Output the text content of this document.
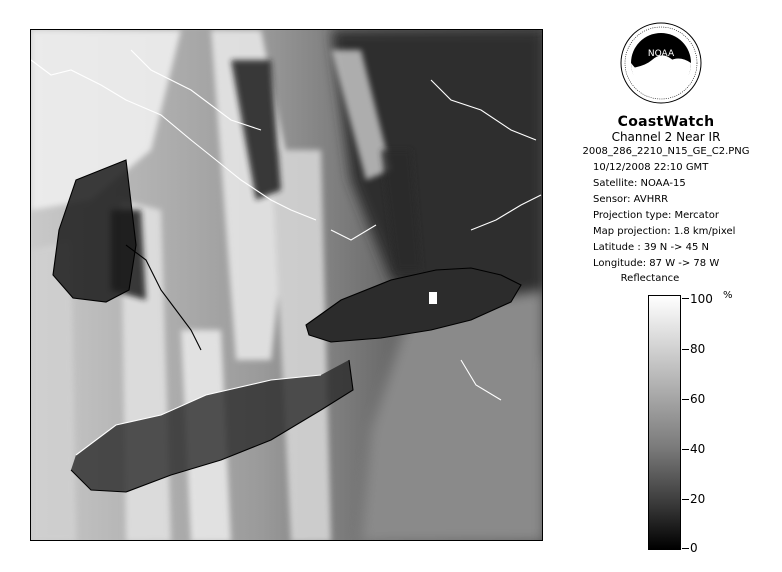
NOAA
CoastWatch
Channel 2 Near IR
2008_286_2210_N15_GE_C2.PNG
10/12/2008 22:10 GMT
Satellite: NOAA-15
Sensor: AVHRR
Projection type: Mercator
Map projection: 1.8 km/pixel
Latitude : 39 N -> 45 N
Longitude: 87 W -> 78 W
Reflectance
%
100
80
60
40
20
0
